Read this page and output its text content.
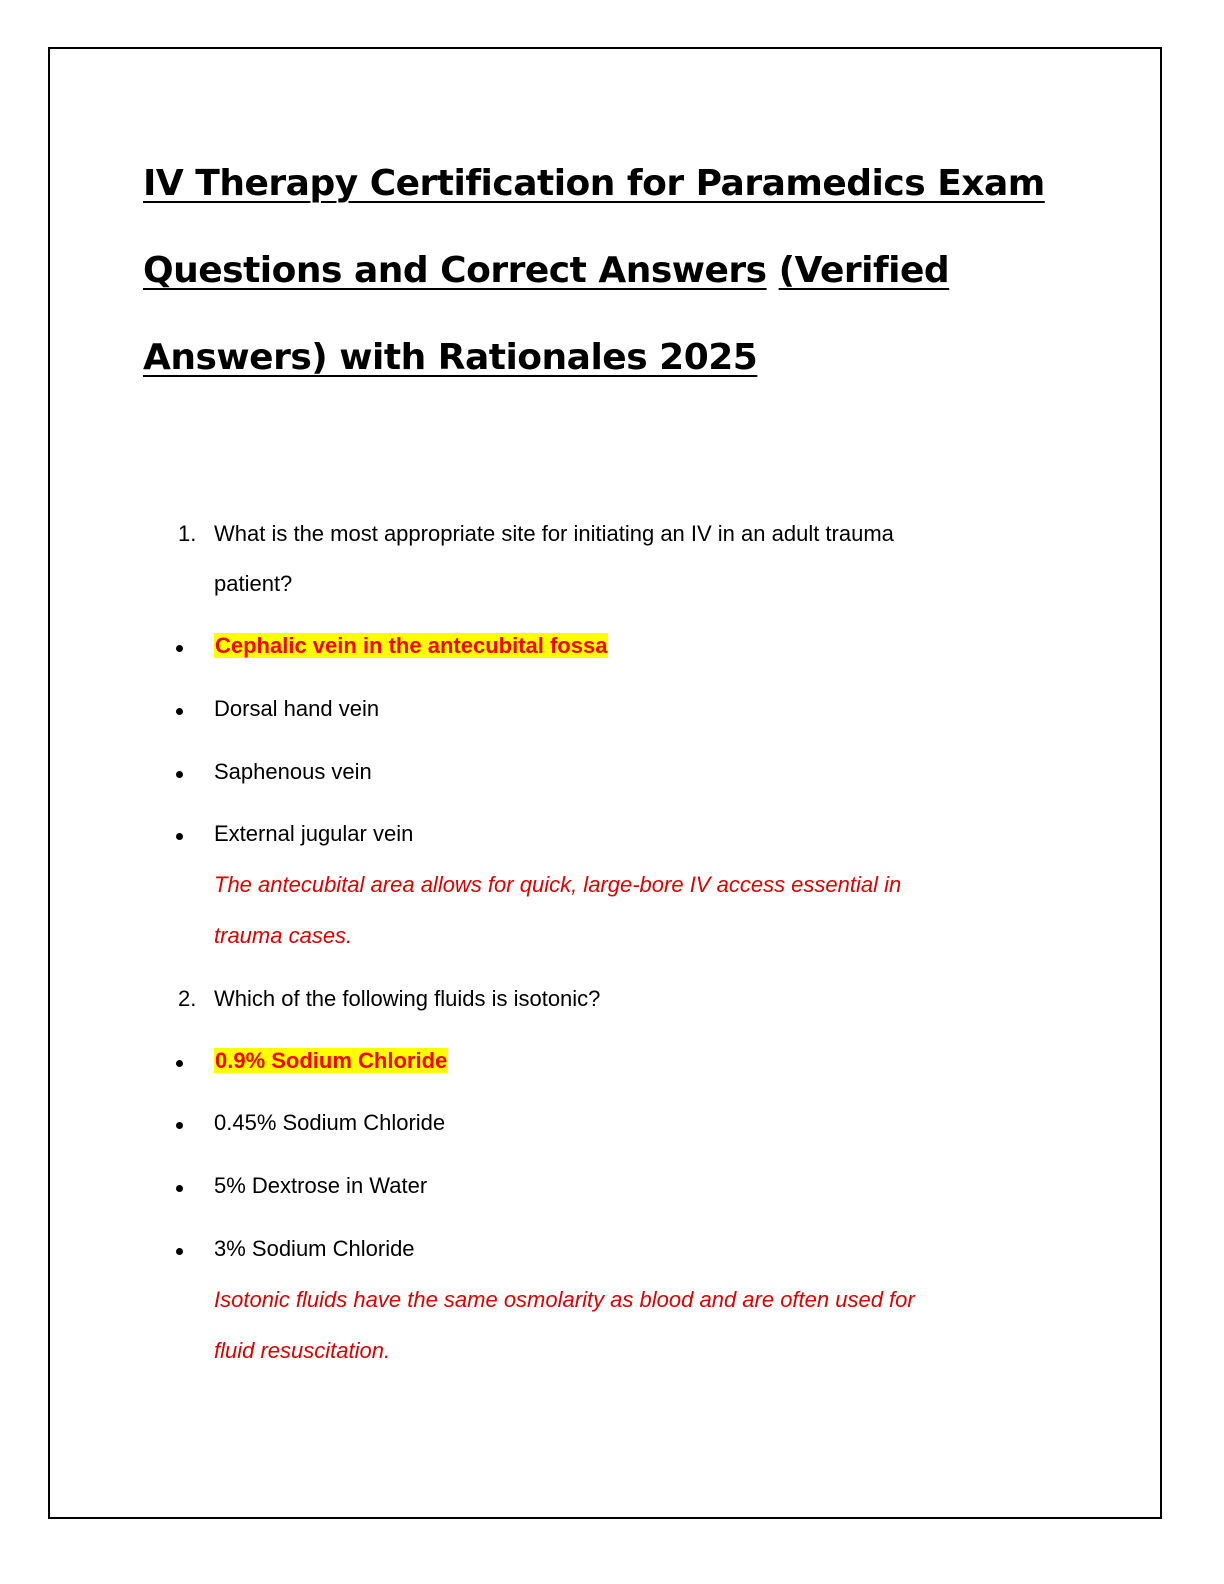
IV Therapy Certification for Paramedics Exam
Questions and Correct Answers (Verified
Answers) with Rationales 2025
1. What is the most appropriate site for initiating an IV in an adult trauma
patient?
Cephalic vein in the antecubital fossa
Dorsal hand vein
Saphenous vein
External jugular vein
The antecubital area allows for quick, large-bore IV access essential in
trauma cases.
2. Which of the following fluids is isotonic?
0.9% Sodium Chloride
0.45% Sodium Chloride
5% Dextrose in Water
3% Sodium Chloride
Isotonic fluids have the same osmolarity as blood and are often used for
fluid resuscitation.
